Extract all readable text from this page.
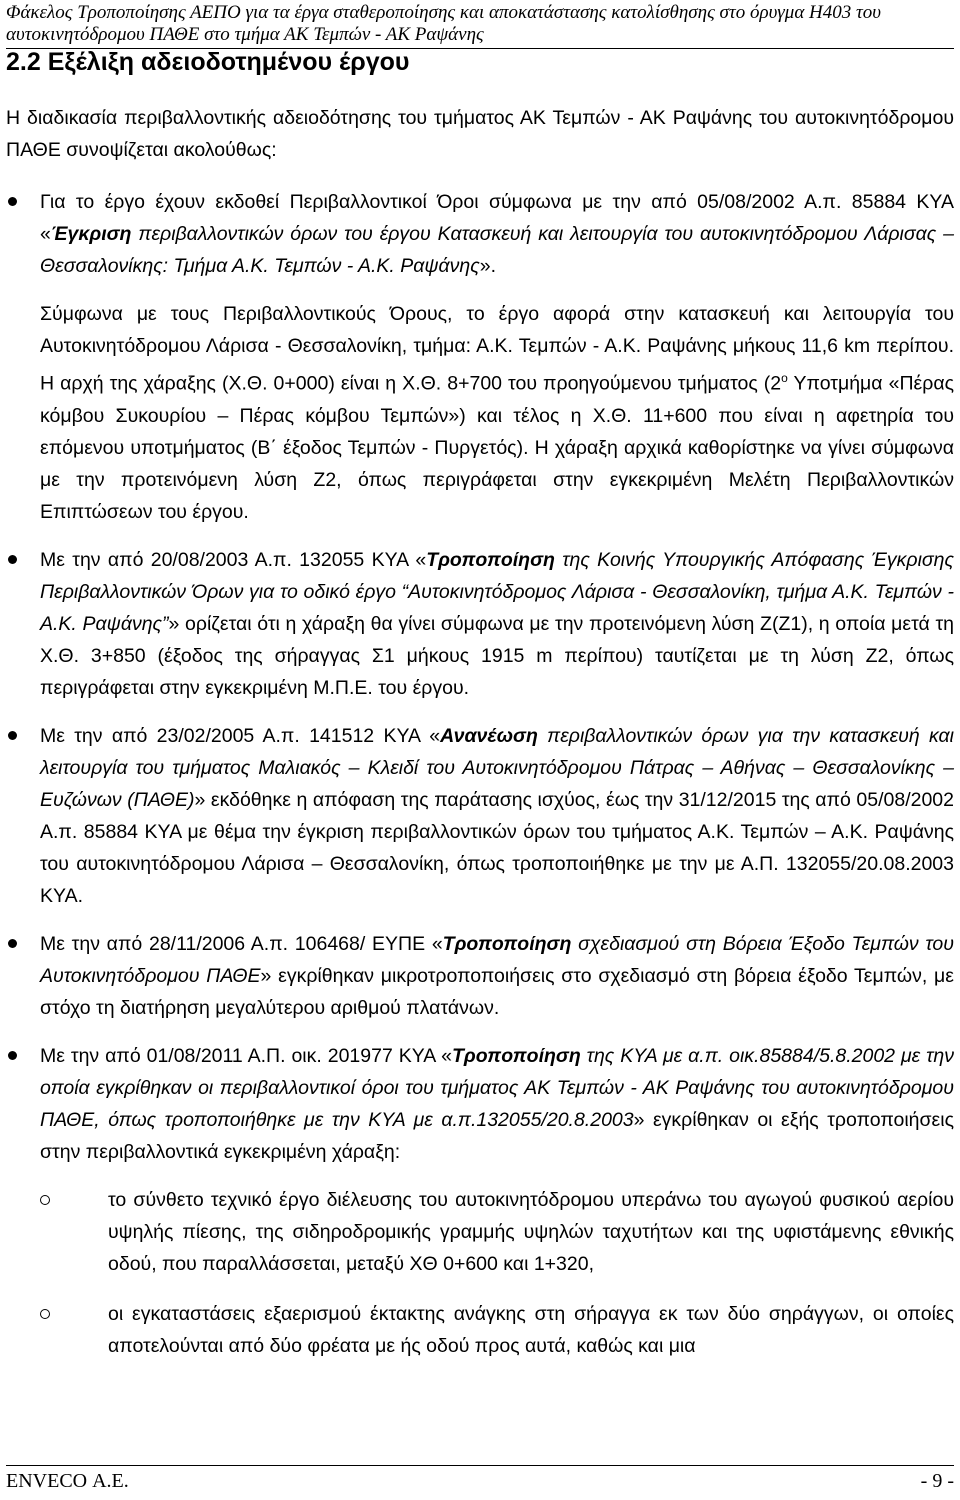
Φάκελος Τροποποίησης ΑΕΠΟ για τα έργα σταθεροποίησης και αποκατάστασης κατολίσθησης στο όρυγμα Η403 του αυτοκινητόδρομου ΠΑΘΕ στο τμήμα ΑΚ Τεμπών - ΑΚ Ραψάνης
2.2 Εξέλιξη αδειοδοτημένου έργου

Η διαδικασία περιβαλλοντικής αδειοδότησης του τμήματος ΑΚ Τεμπών - ΑΚ Ραψάνης του αυτοκινητόδρομου ΠΑΘΕ συνοψίζεται ακολούθως:

Για το έργο έχουν εκδοθεί Περιβαλλοντικοί Όροι σύμφωνα με την από 05/08/2002 Α.π. 85884 ΚΥΑ «Έγκριση περιβαλλοντικών όρων του έργου Κατασκευή και λειτουργία του αυτοκινητόδρομου Λάρισας – Θεσσαλονίκης: Τμήμα Α.Κ. Τεμπών - Α.Κ. Ραψάνης».

Σύμφωνα με τους Περιβαλλοντικούς Όρους, το έργο αφορά στην κατασκευή και λειτουργία του Αυτοκινητόδρομου Λάρισα - Θεσσαλονίκη, τμήμα: Α.Κ. Τεμπών - Α.Κ. Ραψάνης μήκους 11,6 km περίπου. Η αρχή της χάραξης (Χ.Θ. 0+000) είναι η Χ.Θ. 8+700 του προηγούμενου τμήματος ($2^o$ Υποτμήμα «Πέρας κόμβου Συκουρίου – Πέρας κόμβου Τεμπών») και τέλος η Χ.Θ. 11+600 που είναι η αφετηρία του επόμενου υποτμήματος (Β΄ έξοδος Τεμπών - Πυργετός). Η χάραξη αρχικά καθορίστηκε να γίνει σύμφωνα με την προτεινόμενη λύση Ζ2, όπως περιγράφεται στην εγκεκριμένη Μελέτη Περιβαλλοντικών Επιπτώσεων του έργου.

Με την από 20/08/2003 Α.π. 132055 ΚΥΑ «Τροποποίηση της Κοινής Υπουργικής Απόφασης Έγκρισης Περιβαλλοντικών Όρων για το οδικό έργο “Αυτοκινητόδρομος Λάρισα - Θεσσαλονίκη, τμήμα Α.Κ. Τεμπών - Α.Κ. Ραψάνης”» ορίζεται ότι η χάραξη θα γίνει σύμφωνα με την προτεινόμενη λύση Ζ(Ζ1), η οποία μετά τη Χ.Θ. 3+850 (έξοδος της σήραγγας Σ1 μήκους 1915 m περίπου) ταυτίζεται με τη λύση Ζ2, όπως περιγράφεται στην εγκεκριμένη Μ.Π.Ε. του έργου.

Με την από 23/02/2005 Α.π. 141512 ΚΥΑ «Ανανέωση περιβαλλοντικών όρων για την κατασκευή και λειτουργία του τμήματος Μαλιακός – Κλειδί του Αυτοκινητόδρομου Πάτρας – Αθήνας – Θεσσαλονίκης – Ευζώνων (ΠΑΘΕ)» εκδόθηκε η απόφαση της παράτασης ισχύος, έως την 31/12/2015 της από 05/08/2002 Α.π. 85884 ΚΥΑ με θέμα την έγκριση περιβαλλοντικών όρων του τμήματος Α.Κ. Τεμπών – Α.Κ. Ραψάνης του αυτοκινητόδρομου Λάρισα – Θεσσαλονίκη, όπως τροποποιήθηκε με την με Α.Π. 132055/20.08.2003 ΚΥΑ.

Με την από 28/11/2006 Α.π. 106468/ ΕΥΠΕ «Τροποποίηση σχεδιασμού στη Βόρεια Έξοδο Τεμπών του Αυτοκινητόδρομου ΠΑΘΕ» εγκρίθηκαν μικροτροποποιήσεις στο σχεδιασμό στη βόρεια έξοδο Τεμπών, με στόχο τη διατήρηση μεγαλύτερου αριθμού πλατάνων.

Με την από 01/08/2011 Α.Π. οικ. 201977 ΚΥΑ «Τροποποίηση της ΚΥΑ με α.π. οικ.85884/5.8.2002 με την οποία εγκρίθηκαν οι περιβαλλοντικοί όροι του τμήματος ΑΚ Τεμπών - ΑΚ Ραψάνης του αυτοκινητόδρομου ΠΑΘΕ, όπως τροποποιήθηκε με την ΚΥΑ με α.π.132055/20.8.2003» εγκρίθηκαν οι εξής τροποποιήσεις στην περιβαλλοντικά εγκεκριμένη χάραξη:

το σύνθετο τεχνικό έργο διέλευσης του αυτοκινητόδρομου υπεράνω του αγωγού φυσικού αερίου υψηλής πίεσης, της σιδηροδρομικής γραμμής υψηλών ταχυτήτων και της υφιστάμενης εθνικής οδού, που παραλλάσσεται, μεταξύ ΧΘ 0+600 και 1+320,
οι εγκαταστάσεις εξαερισμού έκτακτης ανάγκης στη σήραγγα εκ των δύο σηράγγων, οι οποίες αποτελούνται από δύο φρέατα με ής οδού προς αυτά, καθώς και μια
ENVECO Α.Ε.	- 9 -
